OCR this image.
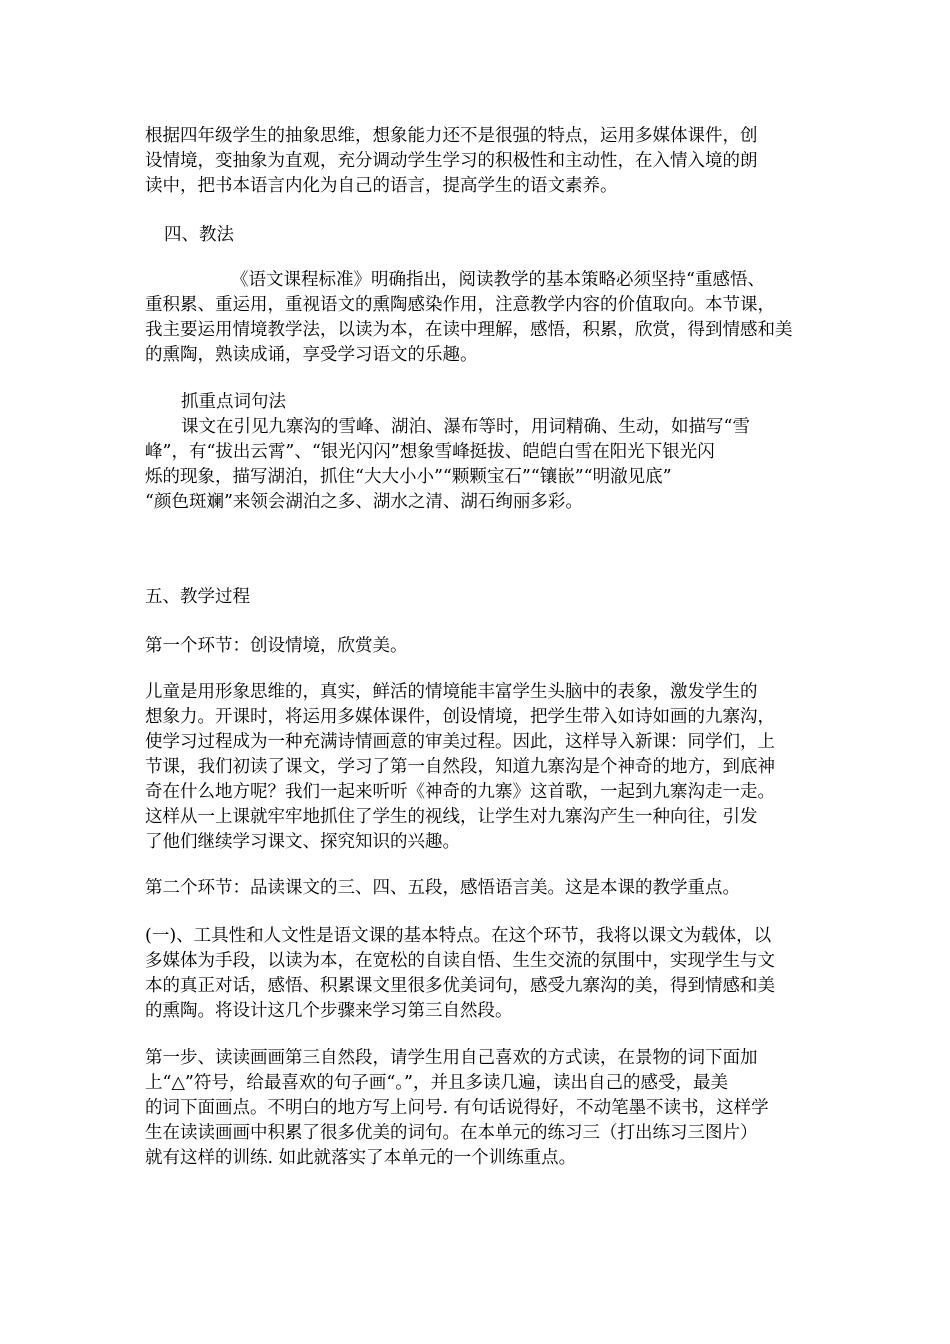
根据四年级学生的抽象思维，想象能力还不是很强的特点，运用多媒体课件，创
设情境，变抽象为直观，充分调动学生学习的积极性和主动性，在入情入境的朗
读中，把书本语言内化为自己的语言，提高学生的语文素养。
四、教法
《语文课程标准》明确指出，阅读教学的基本策略必须坚持“重感悟、
重积累、重运用，重视语文的熏陶感染作用，注意教学内容的价值取向。本节课，
我主要运用情境教学法，以读为本，在读中理解，感悟，积累，欣赏，得到情感和美
的熏陶，熟读成诵，享受学习语文的乐趣。
抓重点词句法
课文在引见九寨沟的雪峰、湖泊、瀑布等时，用词精确、生动，如描写“雪
峰”，有“拔出云霄”、“银光闪闪”想象雪峰挺拔、皑皑白雪在阳光下银光闪
烁的现象，描写湖泊，抓住“大大小小”“颗颗宝石”“镶嵌”“明澈见底”
“颜色斑斓”来领会湖泊之多、湖水之清、湖石绚丽多彩。
五、教学过程
第一个环节：创设情境，欣赏美。
儿童是用形象思维的，真实，鲜活的情境能丰富学生头脑中的表象，激发学生的
想象力。开课时，将运用多媒体课件，创设情境，把学生带入如诗如画的九寨沟，
使学习过程成为一种充满诗情画意的审美过程。因此，这样导入新课：同学们，上
节课，我们初读了课文，学习了第一自然段，知道九寨沟是个神奇的地方，到底神
奇在什么地方呢？我们一起来听听《神奇的九寨》这首歌，一起到九寨沟走一走。
这样从一上课就牢牢地抓住了学生的视线，让学生对九寨沟产生一种向往，引发
了他们继续学习课文、探究知识的兴趣。
第二个环节：品读课文的三、四、五段，感悟语言美。这是本课的教学重点。
(一)、工具性和人文性是语文课的基本特点。在这个环节，我将以课文为载体，以
多媒体为手段，以读为本，在宽松的自读自悟、生生交流的氛围中，实现学生与文
本的真正对话，感悟、积累课文里很多优美词句，感受九寨沟的美，得到情感和美
的熏陶。将设计这几个步骤来学习第三自然段。
第一步、读读画画第三自然段，请学生用自己喜欢的方式读，在景物的词下面加
上“△”符号，给最喜欢的句子画“。”，并且多读几遍，读出自己的感受，最美
的词下面画点。不明白的地方写上问号. 有句话说得好，不动笔墨不读书，这样学
生在读读画画中积累了很多优美的词句。在本单元的练习三（打出练习三图片）
就有这样的训练. 如此就落实了本单元的一个训练重点。
